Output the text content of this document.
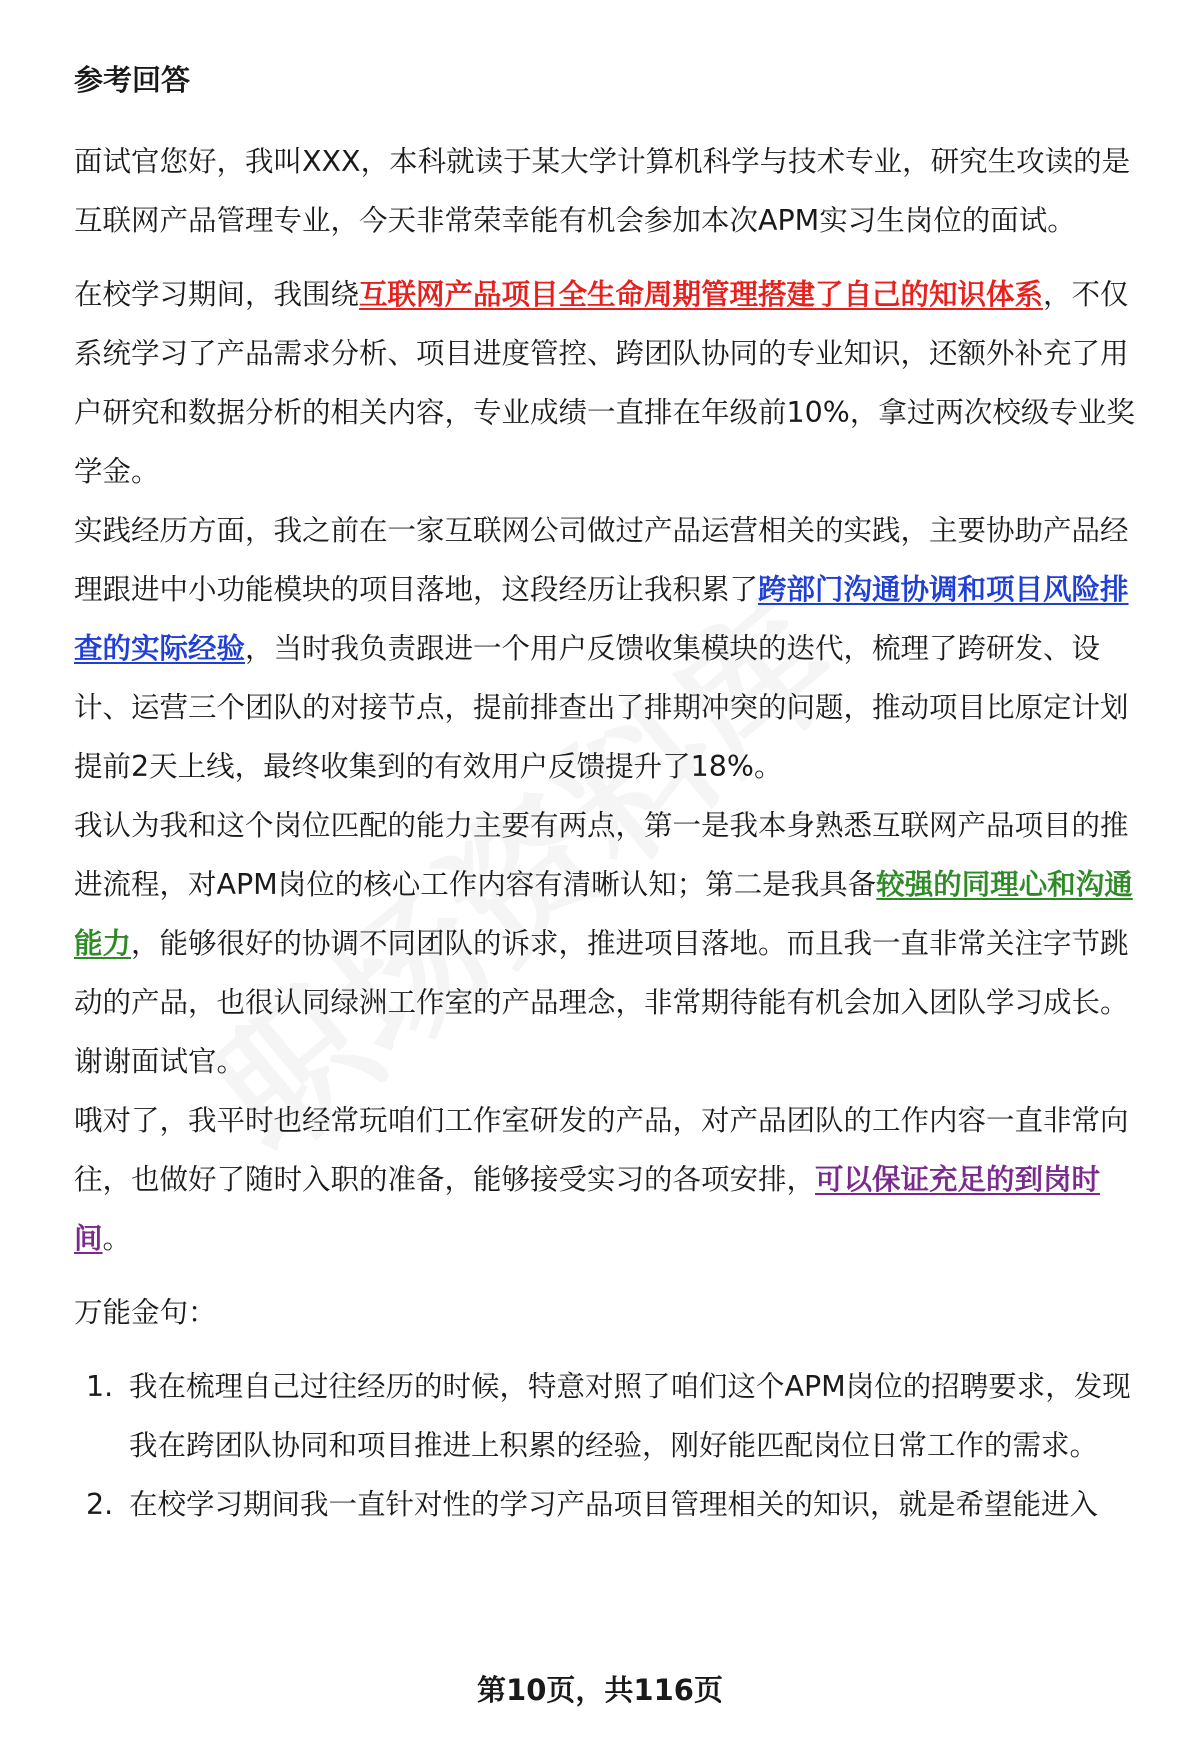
参考回答

面试官您好，我叫XXX，本科就读于某大学计算机科学与技术专业，研究生攻读的是互联网产品管理专业，今天非常荣幸能有机会参加本次APM实习生岗位的面试。

在校学习期间，我围绕互联网产品项目全生命周期管理搭建了自己的知识体系，不仅系统学习了产品需求分析、项目进度管控、跨团队协同的专业知识，还额外补充了用户研究和数据分析的相关内容，专业成绩一直排在年级前10%，拿过两次校级专业奖学金。

实践经历方面，我之前在一家互联网公司做过产品运营相关的实践，主要协助产品经理跟进中小功能模块的项目落地，这段经历让我积累了跨部门沟通协调和项目风险排查的实际经验，当时我负责跟进一个用户反馈收集模块的迭代，梳理了跨研发、设计、运营三个团队的对接节点，提前排查出了排期冲突的问题，推动项目比原定计划提前2天上线，最终收集到的有效用户反馈提升了18%。

我认为我和这个岗位匹配的能力主要有两点，第一是我本身熟悉互联网产品项目的推进流程，对APM岗位的核心工作内容有清晰认知；第二是我具备较强的同理心和沟通能力，能够很好的协调不同团队的诉求，推进项目落地。而且我一直非常关注字节跳动的产品，也很认同绿洲工作室的产品理念，非常期待能有机会加入团队学习成长。谢谢面试官。

哦对了，我平时也经常玩咱们工作室研发的产品，对产品团队的工作内容一直非常向往，也做好了随时入职的准备，能够接受实习的各项安排，可以保证充足的到岗时间。

万能金句：

1. 我在梳理自己过往经历的时候，特意对照了咱们这个APM岗位的招聘要求，发现我在跨团队协同和项目推进上积累的经验，刚好能匹配岗位日常工作的需求。
2. 在校学习期间我一直针对性的学习产品项目管理相关的知识，就是希望能进入
第10页，共116页
